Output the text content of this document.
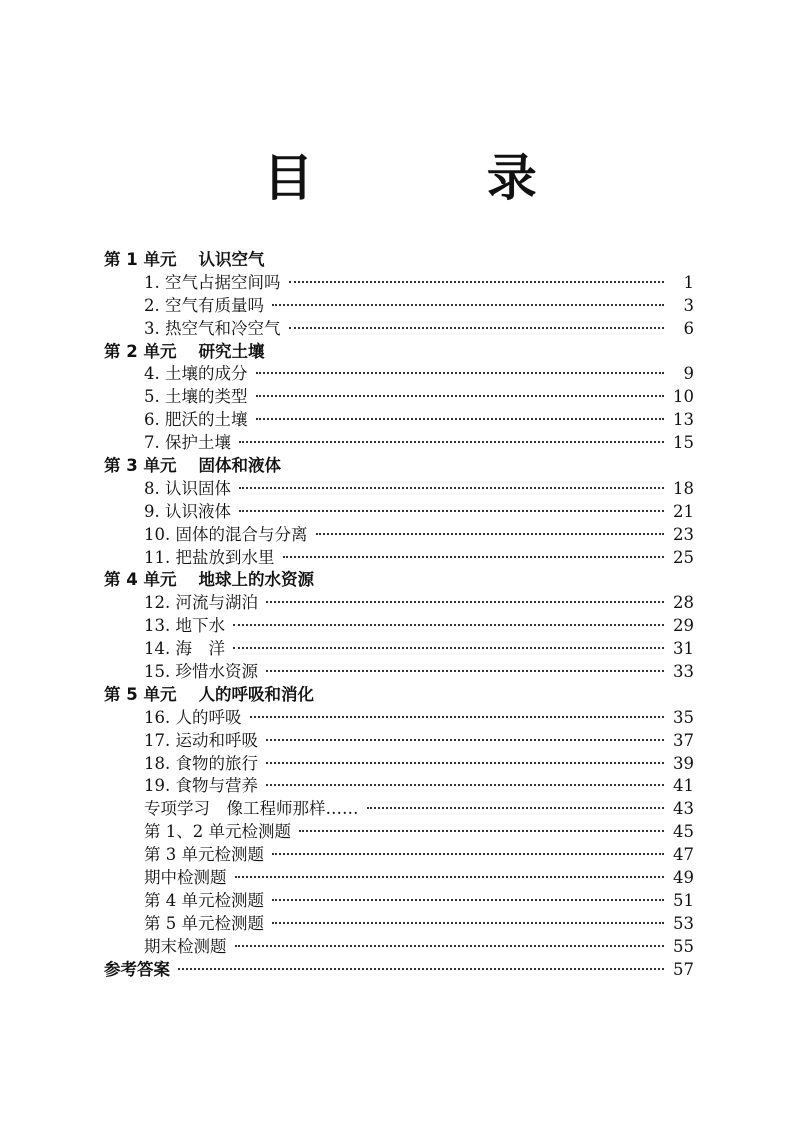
目 录
第 1 单元 认识空气
1. 空气占据空间吗	1
2. 空气有质量吗	3
3. 热空气和冷空气	6
第 2 单元 研究土壤
4. 土壤的成分	9
5. 土壤的类型	10
6. 肥沃的土壤	13
7. 保护土壤	15
第 3 单元 固体和液体
8. 认识固体	18
9. 认识液体	21
10. 固体的混合与分离	23
11. 把盐放到水里	25
第 4 单元 地球上的水资源
12. 河流与湖泊	28
13. 地下水	29
14. 海　洋	31
15. 珍惜水资源	33
第 5 单元 人的呼吸和消化
16. 人的呼吸	35
17. 运动和呼吸	37
18. 食物的旅行	39
19. 食物与营养	41
专项学习　像工程师那样……	43
第 1、2 单元检测题	45
第 3 单元检测题	47
期中检测题	49
第 4 单元检测题	51
第 5 单元检测题	53
期末检测题	55
参考答案	57
